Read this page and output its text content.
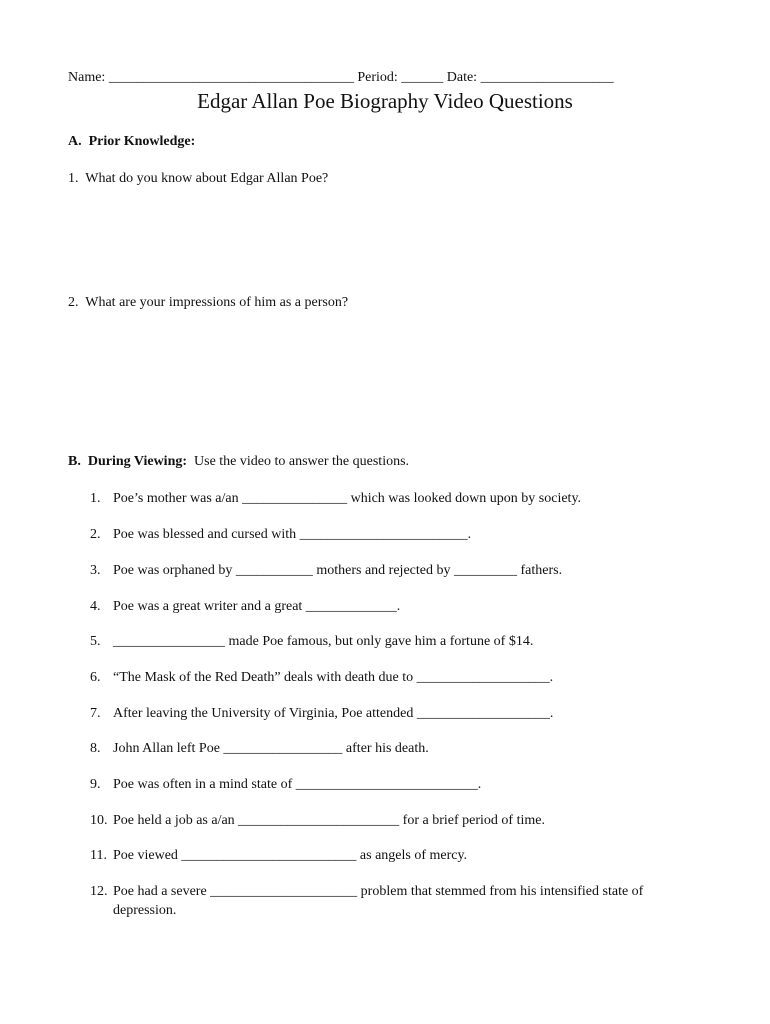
Name: ___________________________________ Period: ______ Date: ___________________
Edgar Allan Poe Biography Video Questions
A.  Prior Knowledge:
1.  What do you know about Edgar Allan Poe?
2.  What are your impressions of him as a person?
B.  During Viewing:  Use the video to answer the questions.
1. Poe’s mother was a/an _______________ which was looked down upon by society.
2. Poe was blessed and cursed with ________________________.
3. Poe was orphaned by ___________ mothers and rejected by _________ fathers.
4. Poe was a great writer and a great _____________.
5. ________________ made Poe famous, but only gave him a fortune of $14.
6. “The Mask of the Red Death” deals with death due to ___________________.
7. After leaving the University of Virginia, Poe attended ___________________.
8. John Allan left Poe _________________ after his death.
9. Poe was often in a mind state of __________________________.
10. Poe held a job as a/an _______________________ for a brief period of time.
11. Poe viewed _________________________ as angels of mercy.
12. Poe had a severe _____________________ problem that stemmed from his intensified state of
depression.
